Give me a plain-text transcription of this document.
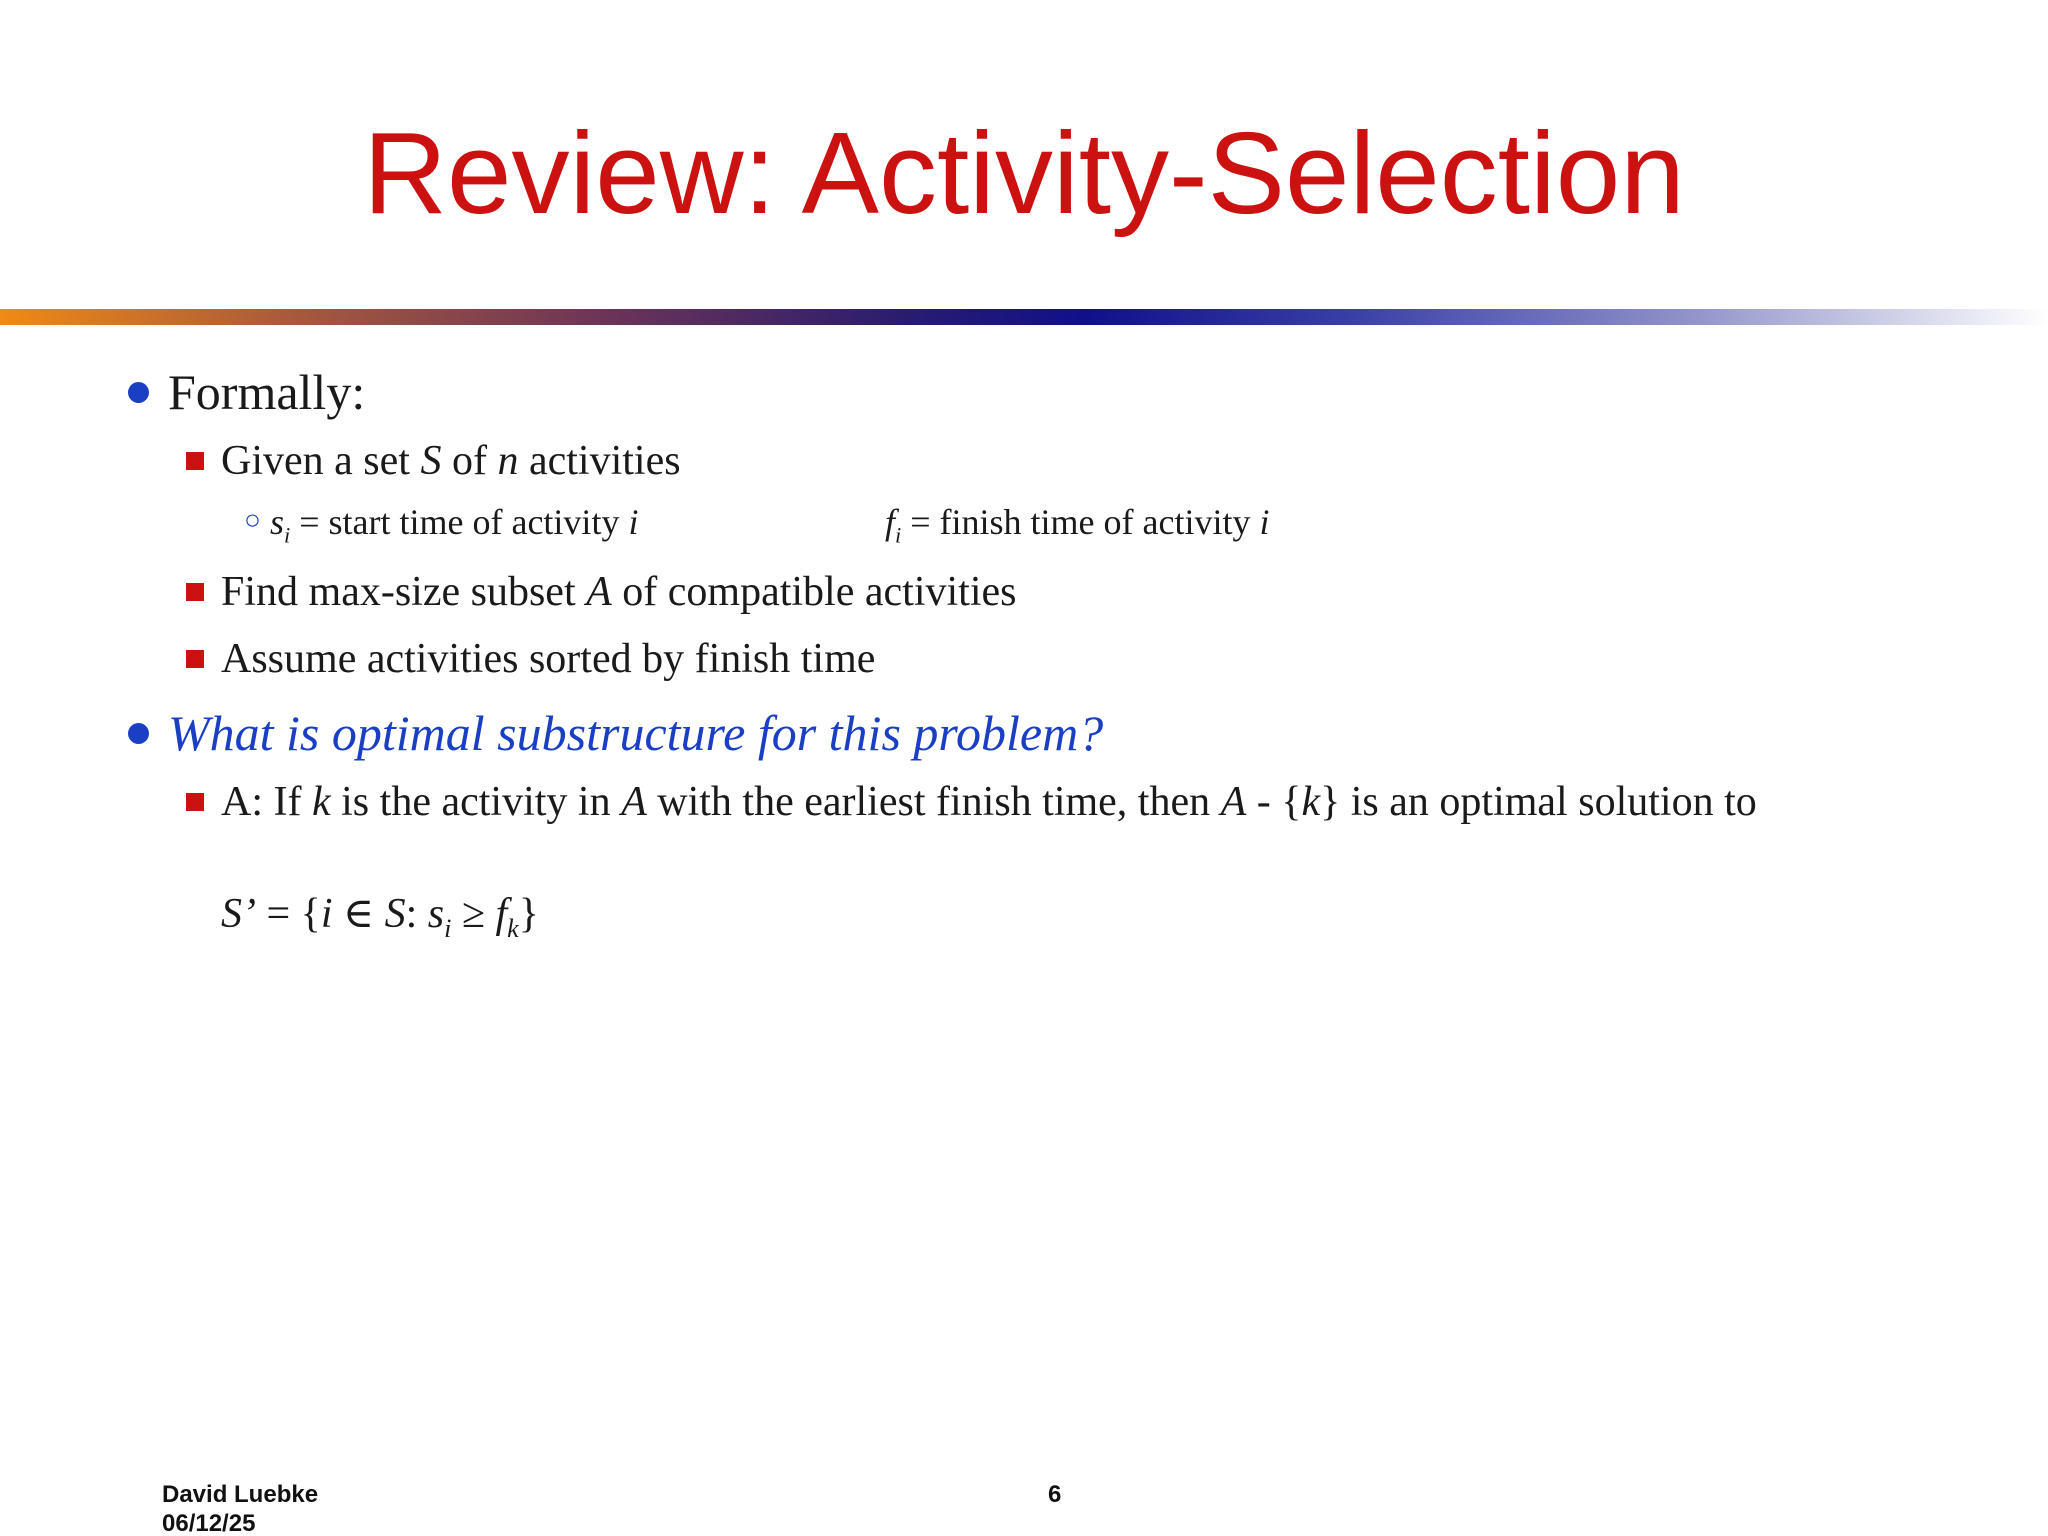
Review: Activity-Selection
Formally:
Given a set S of n activities
○ $s_i$ = start time of activity i	$f_i$ = finish time of activity i
Find max-size subset A of compatible activities
Assume activities sorted by finish time
What is optimal substructure for this problem?
A: If k is the activity in A with the earliest finish time, then A - {k} is an optimal solution to
S’ = {i ∈ S: $s_i \ge f_k$}
David Luebke
06/12/25
6
